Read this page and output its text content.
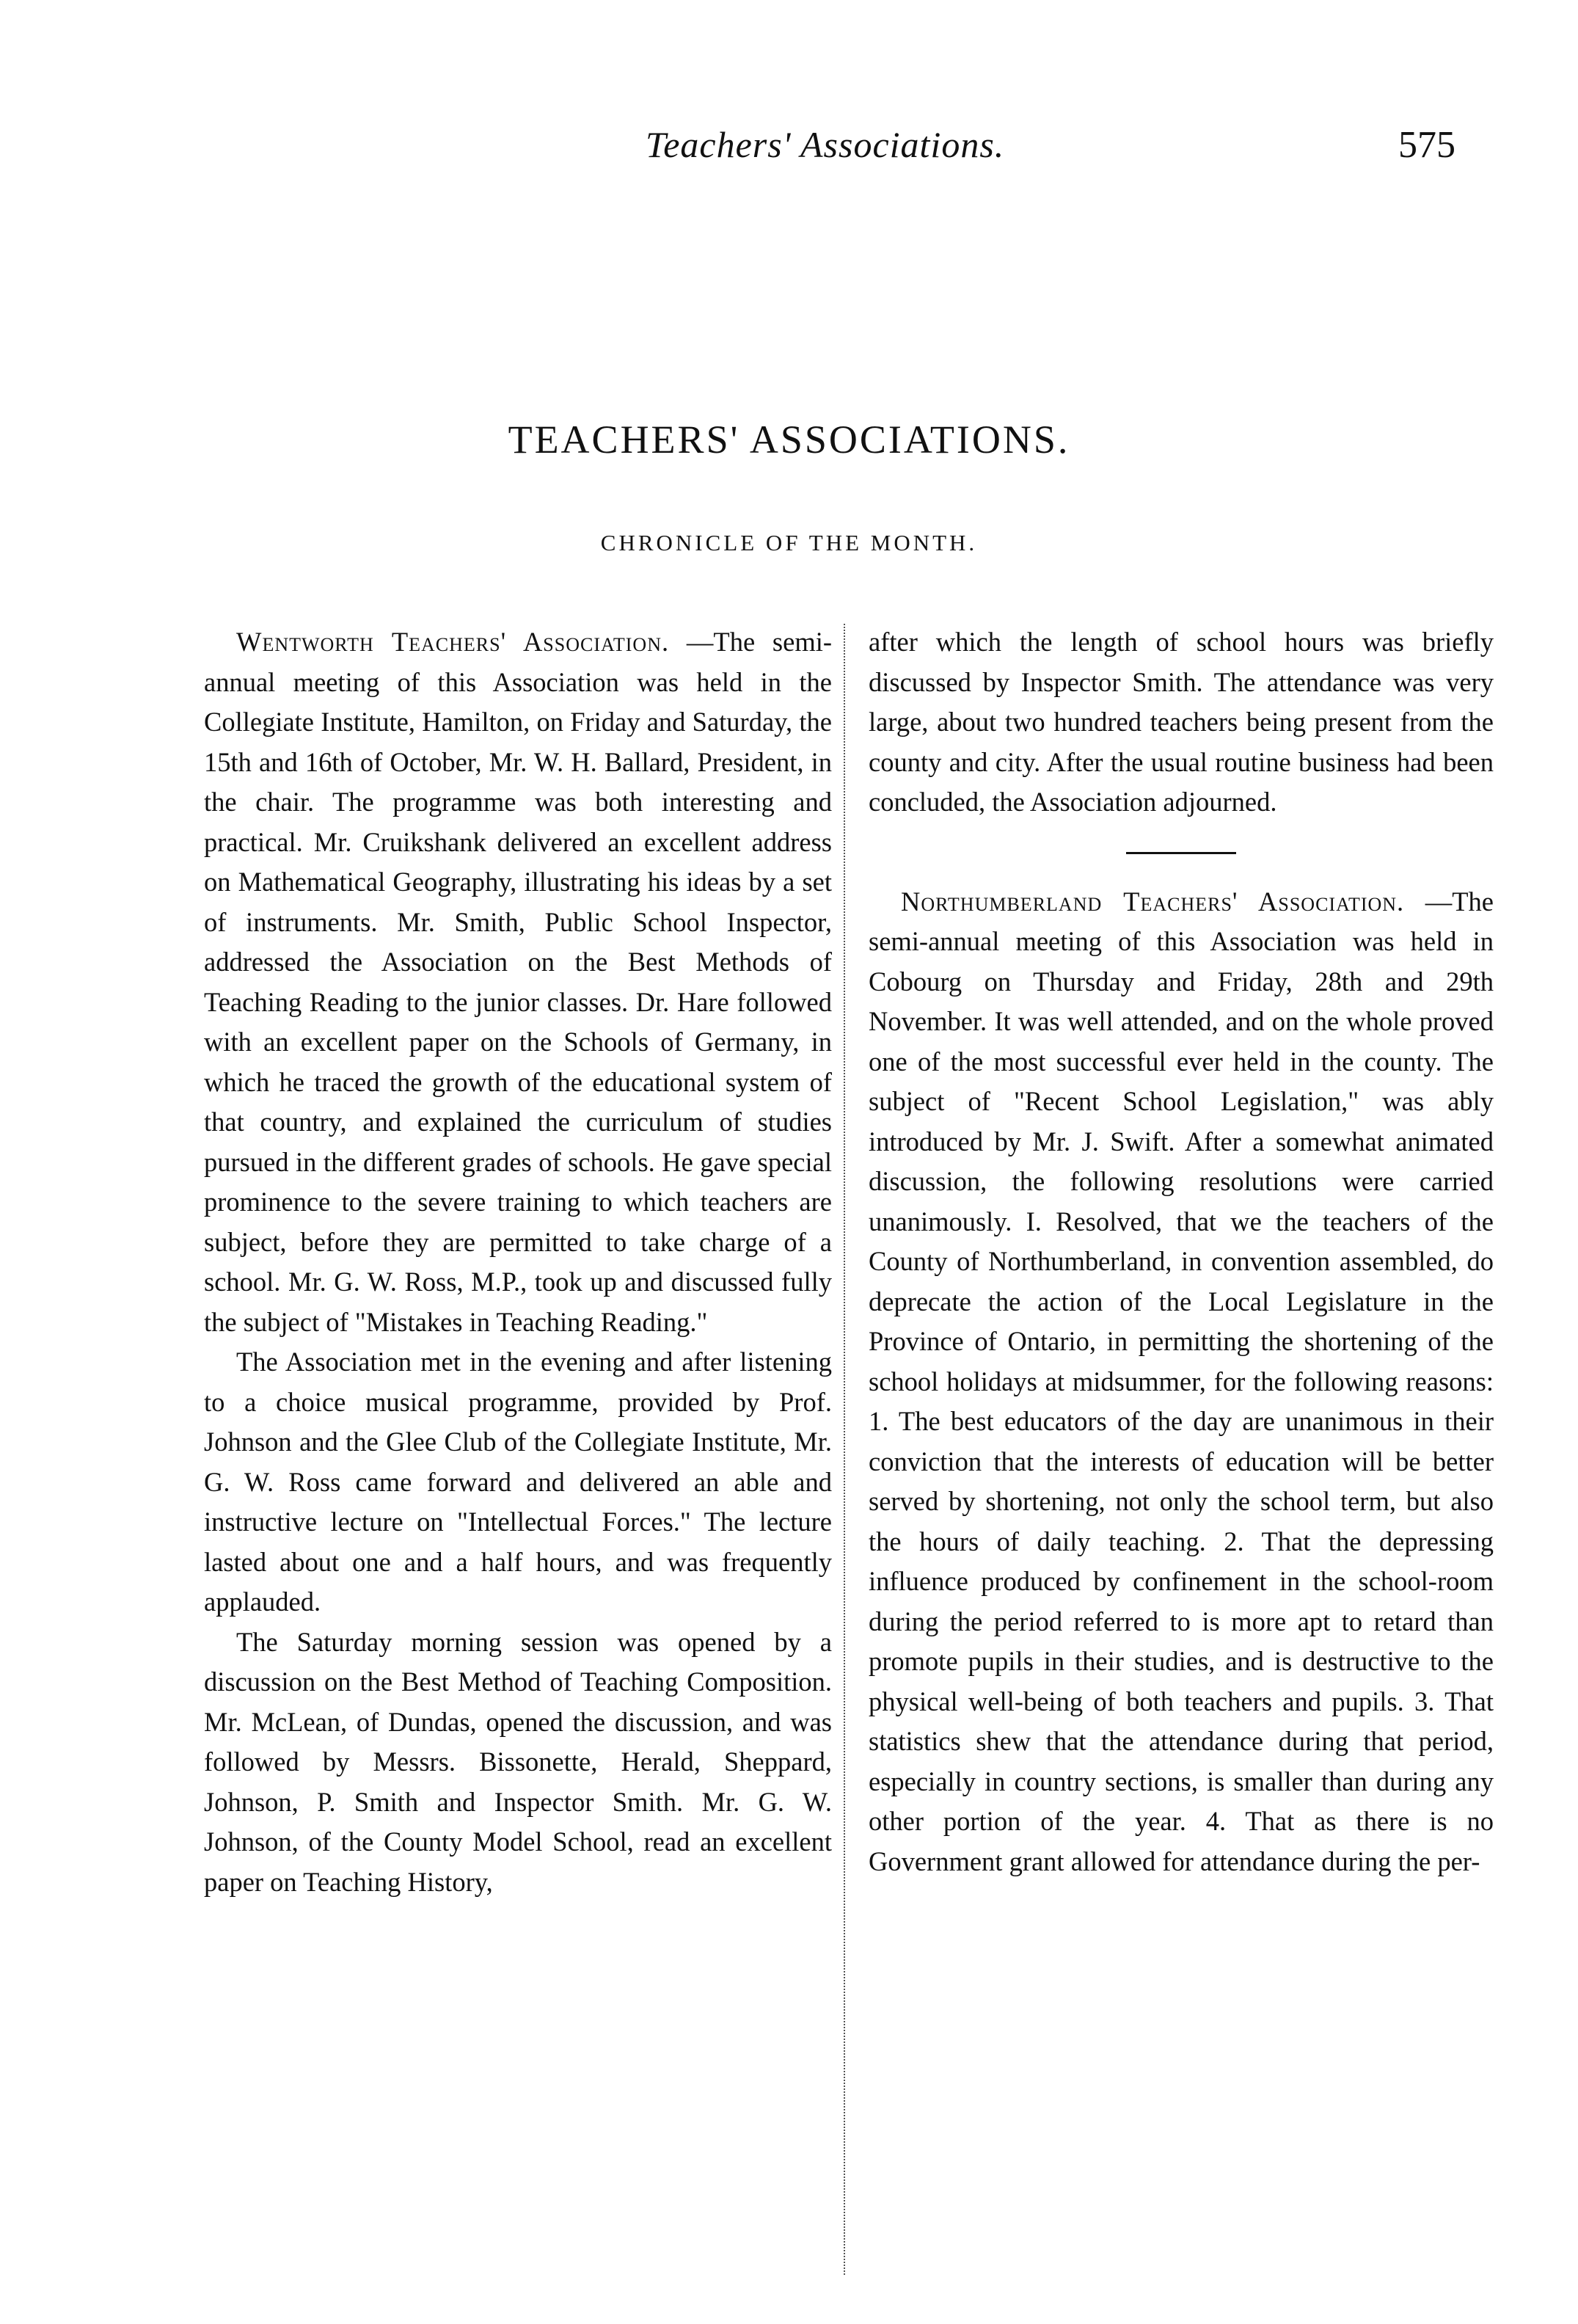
Teachers' Associations.	575
TEACHERS' ASSOCIATIONS.
CHRONICLE OF THE MONTH.

Wentworth Teachers' Association. —The semi-annual meeting of this Association was held in the Collegiate Institute, Hamilton, on Friday and Saturday, the 15th and 16th of October, Mr. W. H. Ballard, President, in the chair. The programme was both interesting and practical. Mr. Cruikshank delivered an excellent address on Mathematical Geography, illustrating his ideas by a set of instruments. Mr. Smith, Public School Inspector, addressed the Association on the Best Methods of Teaching Reading to the junior classes. Dr. Hare followed with an excellent paper on the Schools of Germany, in which he traced the growth of the educational system of that country, and explained the curriculum of studies pursued in the different grades of schools. He gave special prominence to the severe training to which teachers are subject, before they are permitted to take charge of a school. Mr. G. W. Ross, M.P., took up and discussed fully the subject of "Mistakes in Teaching Reading."

The Association met in the evening and after listening to a choice musical programme, provided by Prof. Johnson and the Glee Club of the Collegiate Institute, Mr. G. W. Ross came forward and delivered an able and instructive lecture on "Intellectual Forces." The lecture lasted about one and a half hours, and was frequently applauded.

The Saturday morning session was opened by a discussion on the Best Method of Teaching Composition. Mr. McLean, of Dundas, opened the discussion, and was followed by Messrs. Bissonette, Herald, Sheppard, Johnson, P. Smith and Inspector Smith. Mr. G. W. Johnson, of the County Model School, read an excellent paper on Teaching History,

after which the length of school hours was briefly discussed by Inspector Smith. The attendance was very large, about two hundred teachers being present from the county and city. After the usual routine business had been concluded, the Association adjourned.

Northumberland Teachers' Association. —The semi-annual meeting of this Association was held in Cobourg on Thursday and Friday, 28th and 29th November. It was well attended, and on the whole proved one of the most successful ever held in the county. The subject of "Recent School Legislation," was ably introduced by Mr. J. Swift. After a somewhat animated discussion, the following resolutions were carried unanimously. I. Resolved, that we the teachers of the County of Northumberland, in convention assembled, do deprecate the action of the Local Legislature in the Province of Ontario, in permitting the shortening of the school holidays at midsummer, for the following reasons: 1. The best educators of the day are unanimous in their conviction that the interests of education will be better served by shortening, not only the school term, but also the hours of daily teaching. 2. That the depressing influence produced by confinement in the school-room during the period referred to is more apt to retard than promote pupils in their studies, and is destructive to the physical well-being of both teachers and pupils. 3. That statistics shew that the attendance during that period, especially in country sections, is smaller than during any other portion of the year. 4. That as there is no Government grant allowed for attendance during the per-
